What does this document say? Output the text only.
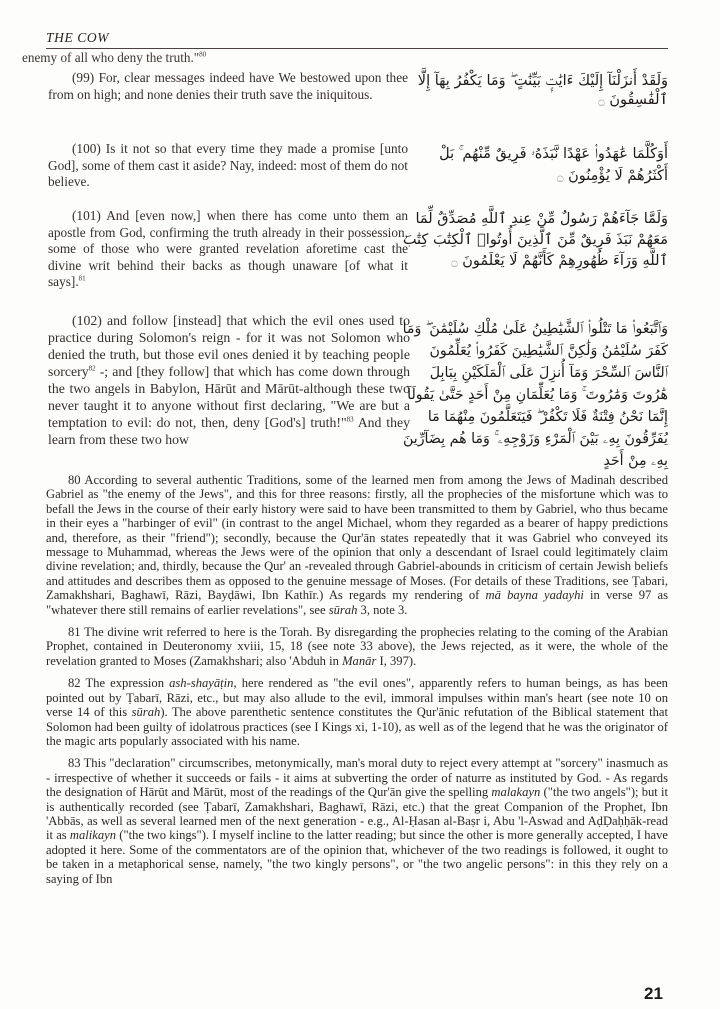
THE COW
enemy of all who deny the truth."$^{80}$
(99) For, clear messages indeed have We bestowed upon thee from on high; and none denies their truth save the iniquitous.
وَلَقَدْ أَنزَلْنَآ إِلَيْكَ ءَايَٰتٍۭ بَيِّنَٰتٍ ۖ وَمَا يَكْفُرُ بِهَآ إِلَّا ٱلْفَٰسِقُونَ ۝
(100) Is it not so that every time they made a promise [unto God], some of them cast it aside? Nay, indeed: most of them do not believe.
أَوَكُلَّمَا عَٰهَدُوا۟ عَهْدًا نَّبَذَهُۥ فَرِيقٌ مِّنْهُم ۚ بَلْ أَكْثَرُهُمْ لَا يُؤْمِنُونَ ۝
(101) And [even now,] when there has come unto them an apostle from God, confirming the truth already in their possession, some of those who were granted revelation aforetime cast the divine writ behind their backs as though unaware [of what it says].$^{81}$
وَلَمَّا جَآءَهُمْ رَسُولٌ مِّنْ عِندِ ٱللَّهِ مُصَدِّقٌ لِّمَا مَعَهُمْ نَبَذَ فَرِيقٌ مِّنَ ٱلَّذِينَ أُوتُوا۟ ٱلْكِتَٰبَ كِتَٰبَ ٱللَّهِ وَرَآءَ ظُهُورِهِمْ كَأَنَّهُمْ لَا يَعْلَمُونَ ۝
(102) and follow [instead] that which the evil ones used to practice during Solomon's reign - for it was not Solomon who denied the truth, but those evil ones denied it by teaching people sorcery$^{82}$ -; and [they follow] that which has come down through the two angels in Babylon, Hārūt and Mārūt-although these two never taught it to anyone without first declaring, "We are but a temptation to evil: do not, then, deny [God's] truth!"$^{83}$ And they learn from these two how
وَٱتَّبَعُوا۟ مَا تَتْلُوا۟ ٱلشَّيَٰطِينُ عَلَىٰ مُلْكِ سُلَيْمَٰنَ ۖ وَمَا كَفَرَ سُلَيْمَٰنُ وَلَٰكِنَّ ٱلشَّيَٰطِينَ كَفَرُوا۟ يُعَلِّمُونَ ٱلنَّاسَ ٱلسِّحْرَ وَمَآ أُنزِلَ عَلَى ٱلْمَلَكَيْنِ بِبَابِلَ هَٰرُوتَ وَمَٰرُوتَ ۚ وَمَا يُعَلِّمَانِ مِنْ أَحَدٍ حَتَّىٰ يَقُولَآ إِنَّمَا نَحْنُ فِتْنَةٌ فَلَا تَكْفُرْ ۖ فَيَتَعَلَّمُونَ مِنْهُمَا مَا يُفَرِّقُونَ بِهِۦ بَيْنَ ٱلْمَرْءِ وَزَوْجِهِۦ ۚ وَمَا هُم بِضَآرِّينَ بِهِۦ مِنْ أَحَدٍ

80 According to several authentic Traditions, some of the learned men from among the Jews of Madinah described Gabriel as "the enemy of the Jews", and this for three reasons: firstly, all the prophecies of the misfortune which was to befall the Jews in the course of their early history were said to have been transmitted to them by Gabriel, who thus became in their eyes a "harbinger of evil" (in contrast to the angel Michael, whom they regarded as a bearer of happy predictions and, therefore, as their "friend"); secondly, because the Qur'ān states repeatedly that it was Gabriel who conveyed its message to Muhammad, whereas the Jews were of the opinion that only a descendant of Israel could legitimately claim divine revelation; and, thirdly, because the Qur' an -revealed through Gabriel-abounds in criticism of certain Jewish beliefs and attitudes and describes them as opposed to the genuine message of Moses. (For details of these Traditions, see Ṭabari, Zamakhshari, Baghawī, Rāzi, Bayḍāwi, Ibn Kathīr.) As regards my rendering of mā bayna yadayhi in verse 97 as "whatever there still remains of earlier revelations", see sūrah 3, note 3.

81 The divine writ referred to here is the Torah. By disregarding the prophecies relating to the coming of the Arabian Prophet, contained in Deuteronomy xviii, 15, 18 (see note 33 above), the Jews rejected, as it were, the whole of the revelation granted to Moses (Zamakhshari; also 'Abduh in Manār I, 397).

82 The expression ash-shayāṭin, here rendered as "the evil ones", apparently refers to human beings, as has been pointed out by Ṭabarī, Rāzi, etc., but may also allude to the evil, immoral impulses within man's heart (see note 10 on verse 14 of this sūrah). The above parenthetic sentence constitutes the Qur'ānic refutation of the Biblical statement that Solomon had been guilty of idolatrous practices (see I Kings xi, 1-10), as well as of the legend that he was the originator of the magic arts popularly associated with his name.

83 This "declaration" circumscribes, metonymically, man's moral duty to reject every attempt at "sorcery" inasmuch as - irrespective of whether it succeeds or fails - it aims at subverting the order of naturre as instituted by God. - As regards the designation of Hārūt and Mārūt, most of the readings of the Qur'ān give the spelling malakayn ("the two angels"); but it is authentically recorded (see Ṭabarī, Zamakhshari, Baghawī, Rāzi, etc.) that the great Companion of the Prophet, Ibn 'Abbās, as well as several learned men of the next generation - e.g., Al-Ḥasan al-Baṣr i, Abu 'l-Aswad and AḍḌaḥḥāk-read it as malikayn ("the two kings"). I myself incline to the latter reading; but since the other is more generally accepted, I have adopted it here. Some of the commentators are of the opinion that, whichever of the two readings is followed, it ought to be taken in a metaphorical sense, namely, "the two kingly persons", or "the two angelic persons": in this they rely on a saying of Ibn

21
